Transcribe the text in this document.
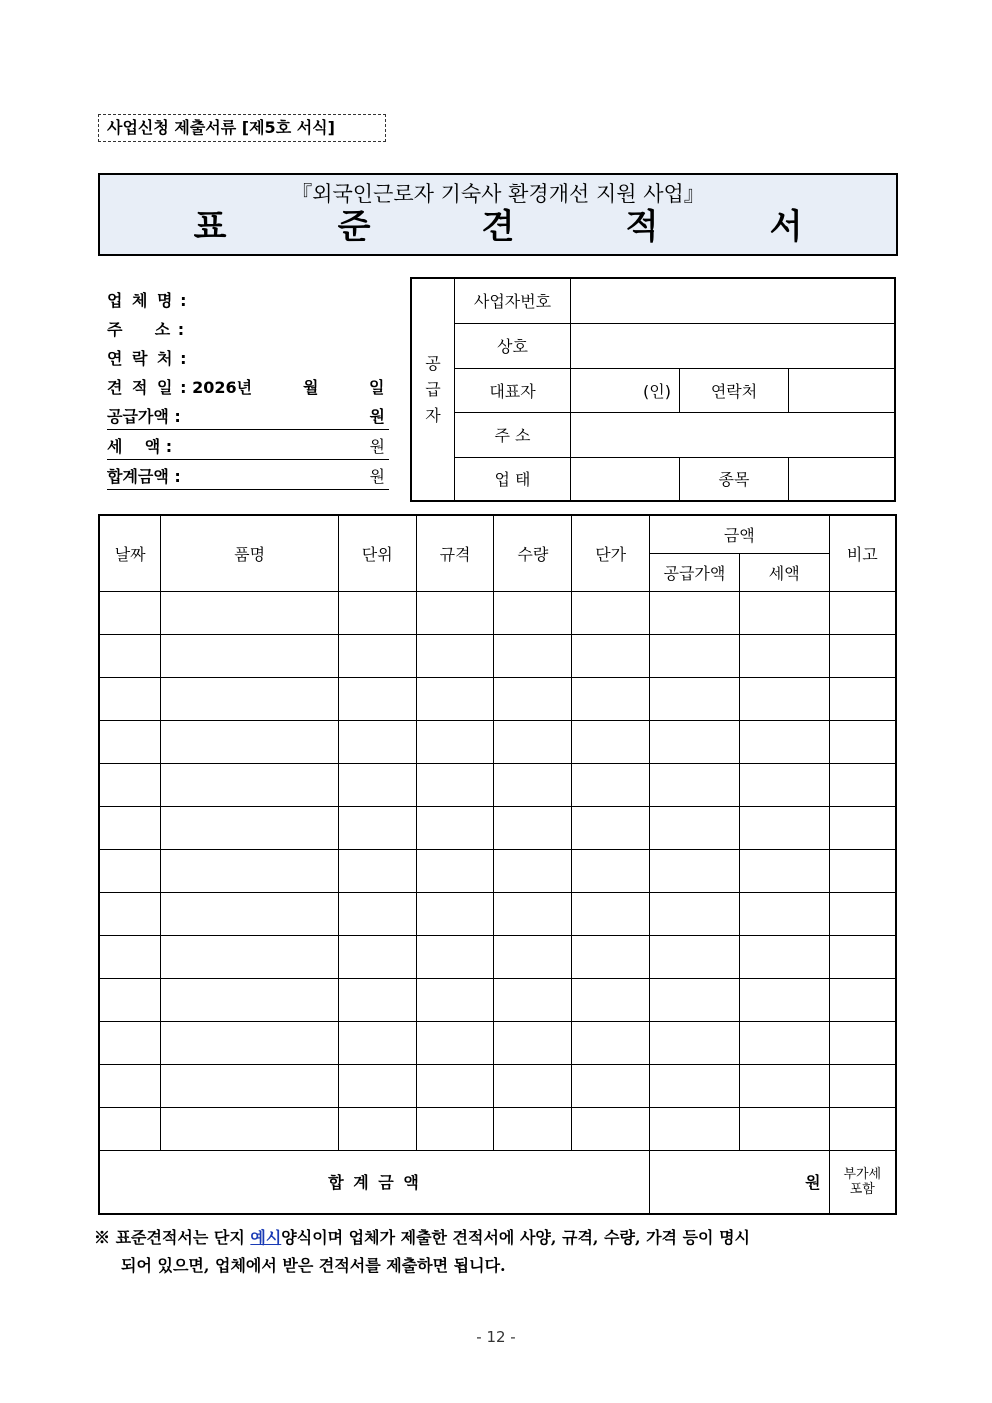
사업신청 제출서류 [제5호 서식]
『외국인근로자 기숙사 환경개선 지원 사업』
표	준	견	적	서
업 체 명 :
주    소 :
연 락 처 :
견 적 일 : 2026년	월	일
공급가액 :	원
세    액 :	원
합계금액 :	원
공
급
자	사업자번호			
	상호			
	대표자	(인)	연락처	
	주 소			
	업 태		종목	
날짜	품명	단위	규격	수량	단가	금액		비고
						공급가액	세액	

합 계 금 액						원		부가세
포함
※ 표준견적서는 단지 예시양식이며 업체가 제출한 견적서에 사양, 규격, 수량, 가격 등이 명시
되어 있으면, 업체에서 받은 견적서를 제출하면 됩니다.
- 12 -
